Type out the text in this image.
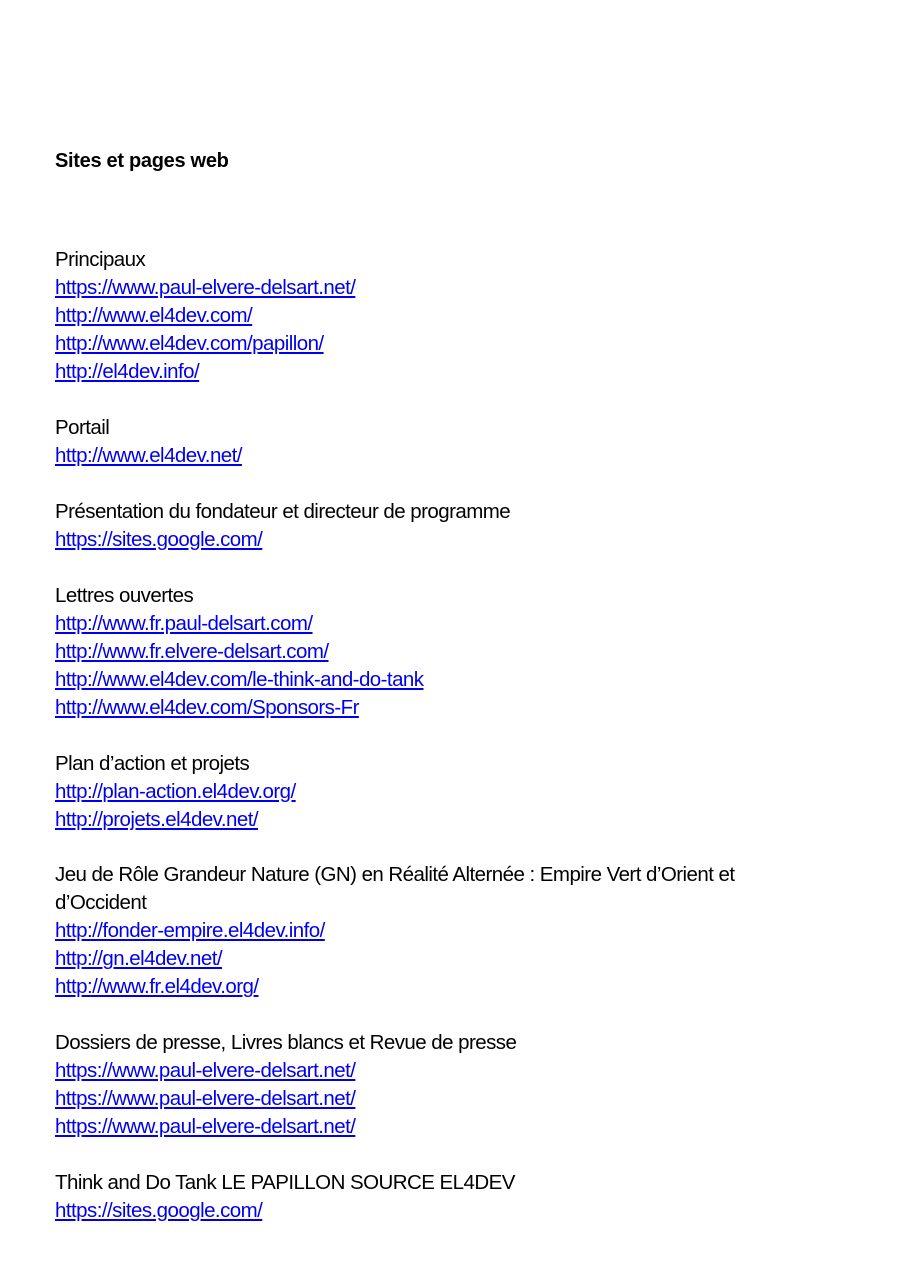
Sites et pages web

Principaux

https://www.paul-elvere-delsart.net/
http://www.el4dev.com/
http://www.el4dev.com/papillon/
http://el4dev.info/

Portail

http://www.el4dev.net/

Présentation du fondateur et directeur de programme

https://sites.google.com/

Lettres ouvertes

http://www.fr.paul-delsart.com/
http://www.fr.elvere-delsart.com/
http://www.el4dev.com/le-think-and-do-tank
http://www.el4dev.com/Sponsors-Fr

Plan d’action et projets

http://plan-action.el4dev.org/
http://projets.el4dev.net/

Jeu de Rôle Grandeur Nature (GN) en Réalité Alternée : Empire Vert d’Orient et d’Occident

http://fonder-empire.el4dev.info/
http://gn.el4dev.net/
http://www.fr.el4dev.org/

Dossiers de presse, Livres blancs et Revue de presse

https://www.paul-elvere-delsart.net/
https://www.paul-elvere-delsart.net/
https://www.paul-elvere-delsart.net/

Think and Do Tank LE PAPILLON SOURCE EL4DEV

https://sites.google.com/
